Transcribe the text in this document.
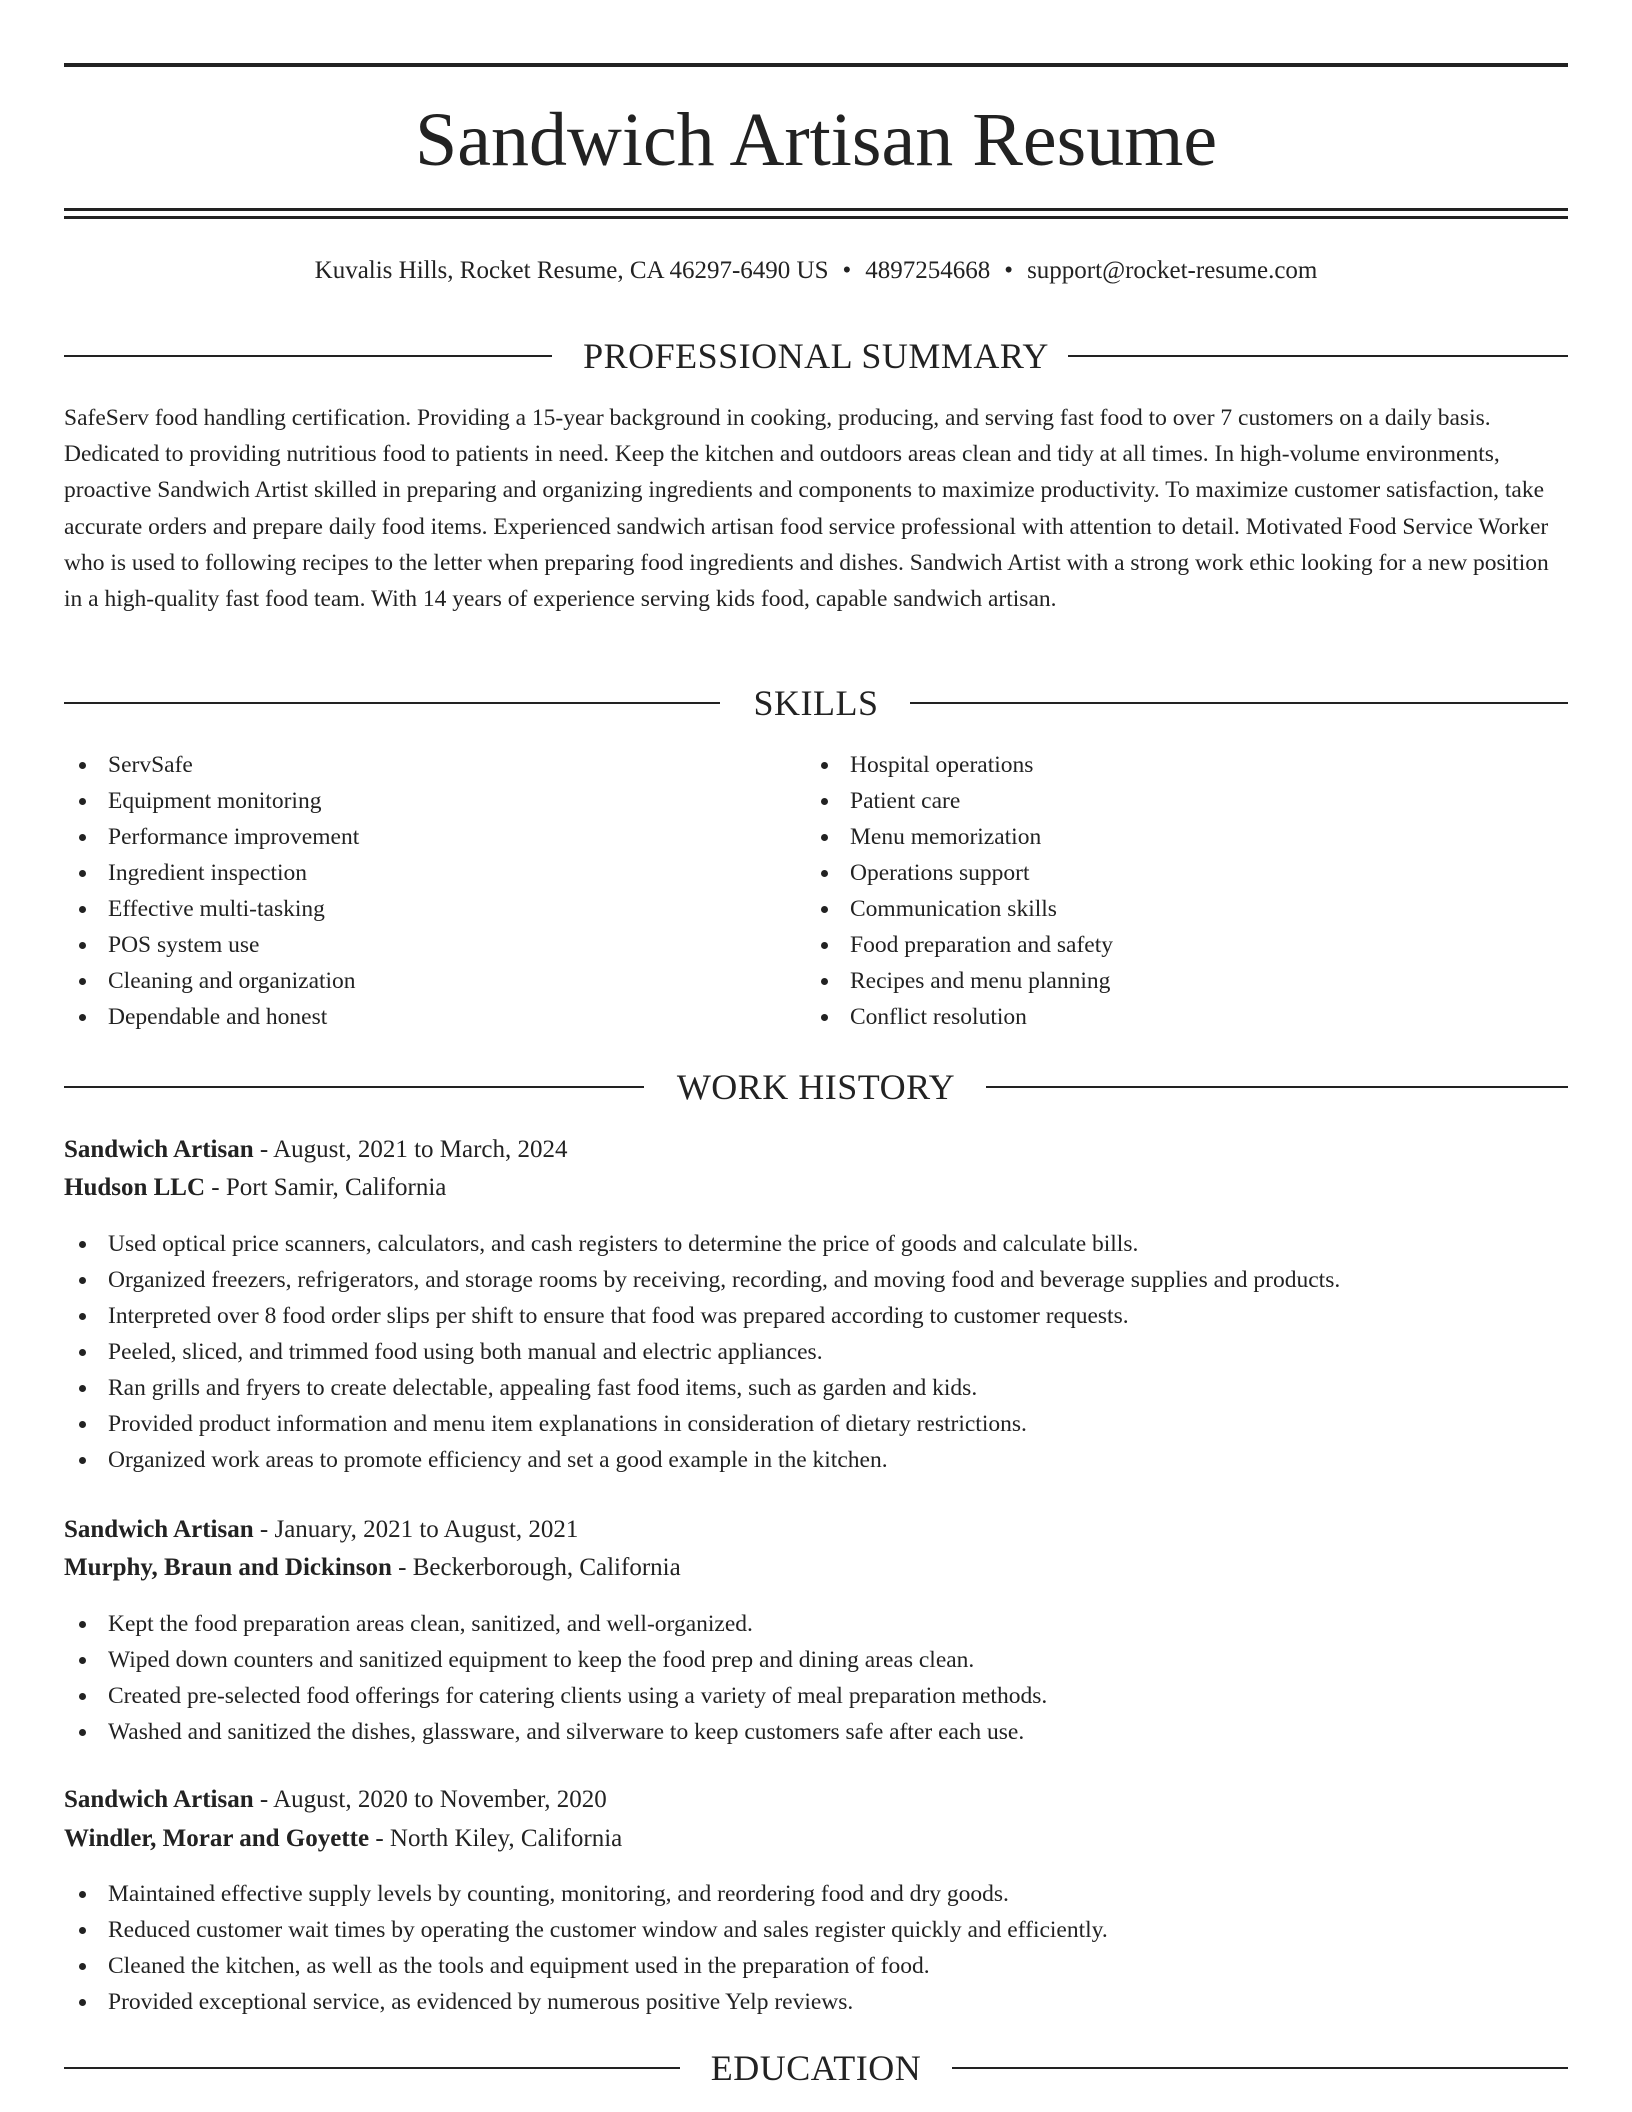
Sandwich Artisan Resume
Kuvalis Hills, Rocket Resume, CA 46297-6490 US • 4897254668 • support@rocket-resume.com
PROFESSIONAL SUMMARY

SafeServ food handling certification. Providing a 15-year background in cooking, producing, and serving fast food to over 7 customers on a daily basis. Dedicated to providing nutritious food to patients in need. Keep the kitchen and outdoors areas clean and tidy at all times. In high-volume environments, proactive Sandwich Artist skilled in preparing and organizing ingredients and components to maximize productivity. To maximize customer satisfaction, take accurate orders and prepare daily food items. Experienced sandwich artisan food service professional with attention to detail. Motivated Food Service Worker who is used to following recipes to the letter when preparing food ingredients and dishes. Sandwich Artist with a strong work ethic looking for a new position in a high-quality fast food team. With 14 years of experience serving kids food, capable sandwich artisan.

SKILLS
ServSafe
Equipment monitoring
Performance improvement
Ingredient inspection
Effective multi-tasking
POS system use
Cleaning and organization
Dependable and honest
Hospital operations
Patient care
Menu memorization
Operations support
Communication skills
Food preparation and safety
Recipes and menu planning
Conflict resolution
WORK HISTORY
Sandwich Artisan - August, 2021 to March, 2024
Hudson LLC - Port Samir, California
Used optical price scanners, calculators, and cash registers to determine the price of goods and calculate bills.
Organized freezers, refrigerators, and storage rooms by receiving, recording, and moving food and beverage supplies and products.
Interpreted over 8 food order slips per shift to ensure that food was prepared according to customer requests.
Peeled, sliced, and trimmed food using both manual and electric appliances.
Ran grills and fryers to create delectable, appealing fast food items, such as garden and kids.
Provided product information and menu item explanations in consideration of dietary restrictions.
Organized work areas to promote efficiency and set a good example in the kitchen.
Sandwich Artisan - January, 2021 to August, 2021
Murphy, Braun and Dickinson - Beckerborough, California
Kept the food preparation areas clean, sanitized, and well-organized.
Wiped down counters and sanitized equipment to keep the food prep and dining areas clean.
Created pre-selected food offerings for catering clients using a variety of meal preparation methods.
Washed and sanitized the dishes, glassware, and silverware to keep customers safe after each use.
Sandwich Artisan - August, 2020 to November, 2020
Windler, Morar and Goyette - North Kiley, California
Maintained effective supply levels by counting, monitoring, and reordering food and dry goods.
Reduced customer wait times by operating the customer window and sales register quickly and efficiently.
Cleaned the kitchen, as well as the tools and equipment used in the preparation of food.
Provided exceptional service, as evidenced by numerous positive Yelp reviews.
EDUCATION
